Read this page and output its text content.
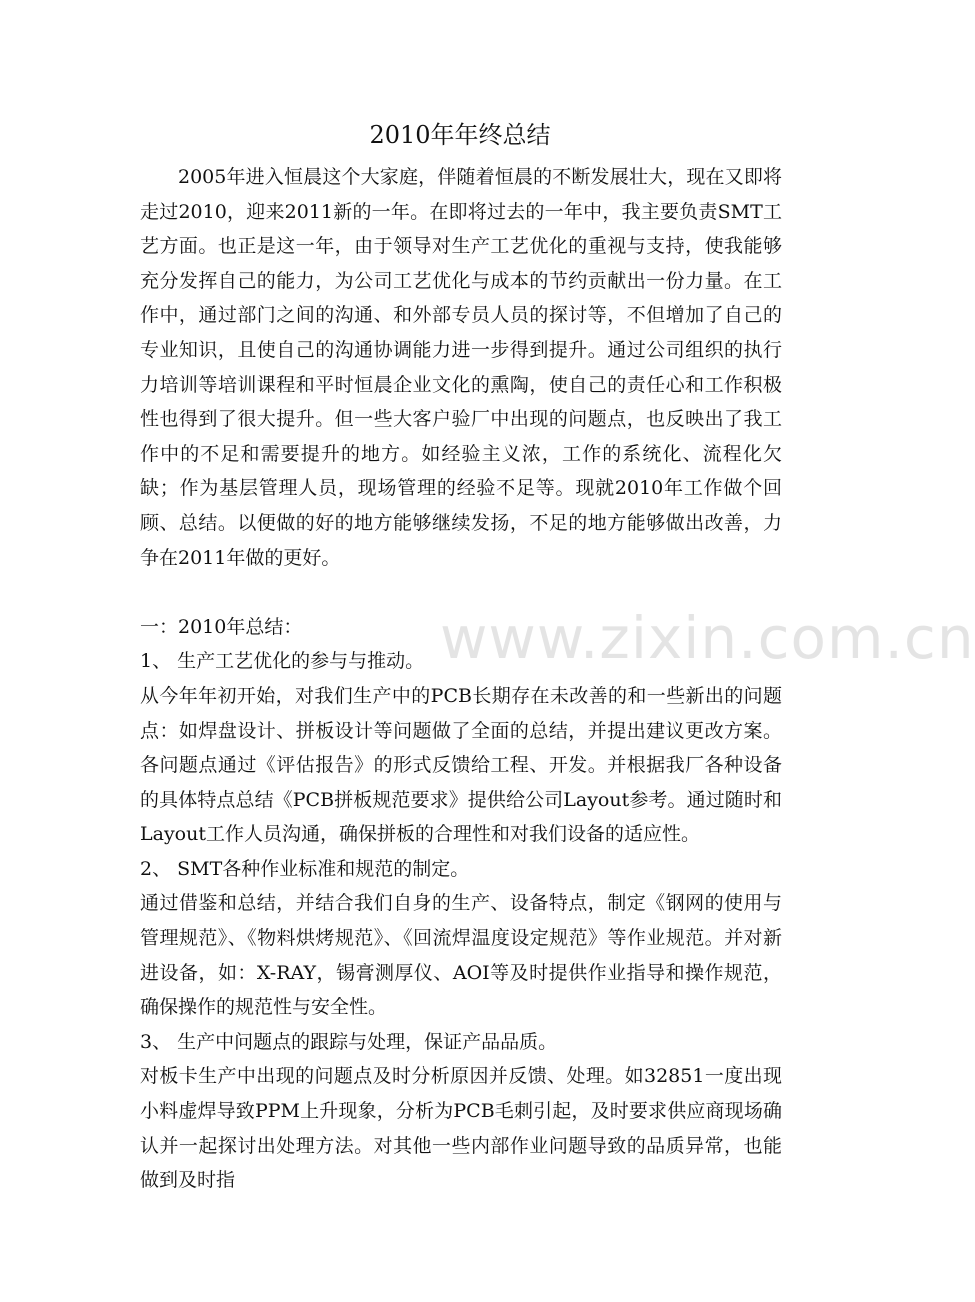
www.zixin.com.cn
2010年年终总结

2005年进入恒晨这个大家庭，伴随着恒晨的不断发展壮大，现在又即将走过2010，迎来2011新的一年。在即将过去的一年中，我主要负责SMT工艺方面。也正是这一年，由于领导对生产工艺优化的重视与支持，使我能够充分发挥自己的能力，为公司工艺优化与成本的节约贡献出一份力量。在工作中，通过部门之间的沟通、和外部专员人员的探讨等，不但增加了自己的专业知识，且使自己的沟通协调能力进一步得到提升。通过公司组织的执行力培训等培训课程和平时恒晨企业文化的熏陶，使自己的责任心和工作积极性也得到了很大提升。但一些大客户验厂中出现的问题点，也反映出了我工作中的不足和需要提升的地方。如经验主义浓，工作的系统化、流程化欠缺；作为基层管理人员，现场管理的经验不足等。现就2010年工作做个回顾、总结。以便做的好的地方能够继续发扬，不足的地方能够做出改善，力争在2011年做的更好。

一：2010年总结：

1、 生产工艺优化的参与与推动。

从今年年初开始，对我们生产中的PCB长期存在未改善的和一些新出的问题点：如焊盘设计、拼板设计等问题做了全面的总结，并提出建议更改方案。各问题点通过《评估报告》的形式反馈给工程、开发。并根据我厂各种设备的具体特点总结《PCB拼板规范要求》提供给公司Layout参考。通过随时和Layout工作人员沟通，确保拼板的合理性和对我们设备的适应性。

2、 SMT各种作业标准和规范的制定。

通过借鉴和总结，并结合我们自身的生产、设备特点，制定《钢网的使用与管理规范》、《物料烘烤规范》、《回流焊温度设定规范》等作业规范。并对新进设备，如：X-RAY，锡膏测厚仪、AOI等及时提供作业指导和操作规范，确保操作的规范性与安全性。

3、 生产中问题点的跟踪与处理，保证产品品质。

对板卡生产中出现的问题点及时分析原因并反馈、处理。如32851一度出现小料虚焊导致PPM上升现象，分析为PCB毛刺引起，及时要求供应商现场确认并一起探讨出处理方法。对其他一些内部作业问题导致的品质异常，也能做到及时指
